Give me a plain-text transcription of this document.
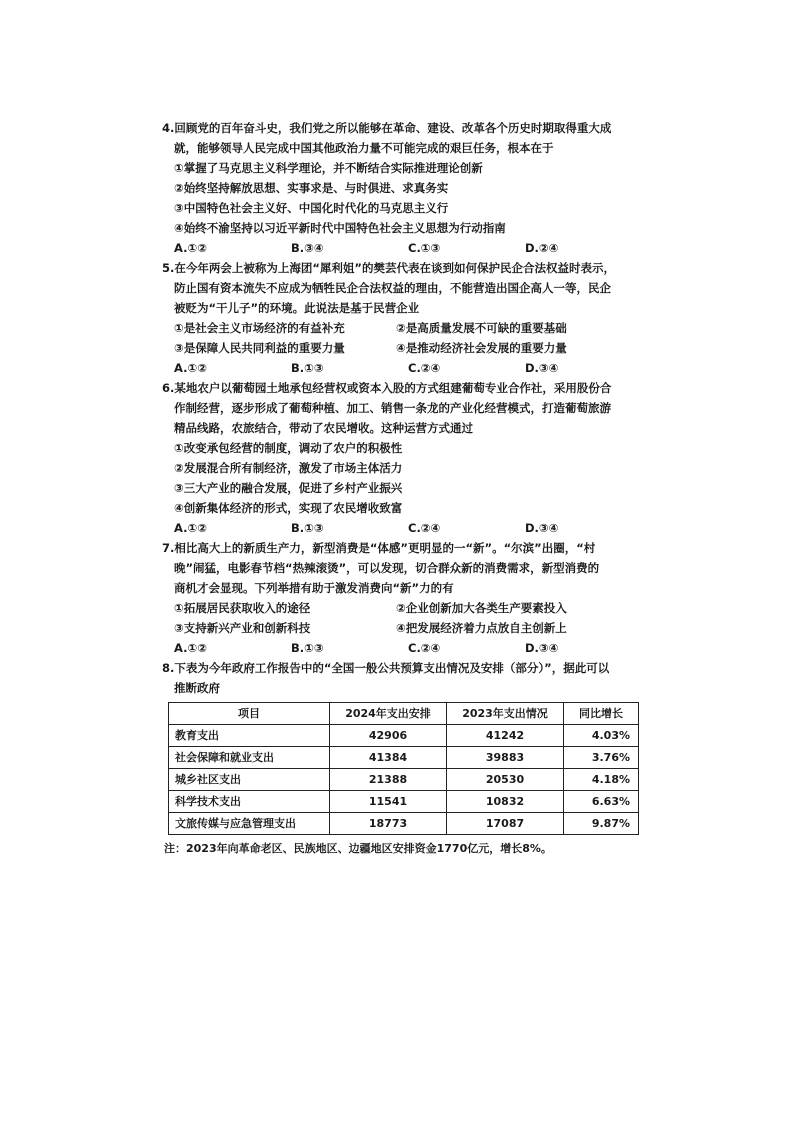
4.回顾党的百年奋斗史，我们党之所以能够在革命、建设、改革各个历史时期取得重大成
就，能够领导人民完成中国其他政治力量不可能完成的艰巨任务，根本在于
①掌握了马克思主义科学理论，并不断结合实际推进理论创新
②始终坚持解放思想、实事求是、与时俱进、求真务实
③中国特色社会主义好、中国化时代化的马克思主义行
④始终不渝坚持以习近平新时代中国特色社会主义思想为行动指南
A.①②	B.③④	C.①③	D.②④
5.在今年两会上被称为上海团“犀利姐”的樊芸代表在谈到如何保护民企合法权益时表示，
防止国有资本流失不应成为牺牲民企合法权益的理由，不能营造出国企高人一等，民企
被贬为“干儿子”的环境。此说法是基于民营企业
①是社会主义市场经济的有益补充	②是高质量发展不可缺的重要基础
③是保障人民共同利益的重要力量	④是推动经济社会发展的重要力量
A.①②	B.①③	C.②④	D.③④
6.某地农户以葡萄园土地承包经营权或资本入股的方式组建葡萄专业合作社，采用股份合
作制经营，逐步形成了葡萄种植、加工、销售一条龙的产业化经营模式，打造葡萄旅游
精品线路，农旅结合，带动了农民增收。这种运营方式通过
①改变承包经营的制度，调动了农户的积极性
②发展混合所有制经济，激发了市场主体活力
③三大产业的融合发展，促进了乡村产业振兴
④创新集体经济的形式，实现了农民增收致富
A.①②	B.①③	C.②④	D.③④
7.相比高大上的新质生产力，新型消费是“体感”更明显的一“新”。“尔滨”出圈，“村
晚”闹猛，电影春节档“热辣滚烫”，可以发现，切合群众新的消费需求，新型消费的
商机才会显现。下列举措有助于激发消费向“新”力的有
①拓展居民获取收入的途径	②企业创新加大各类生产要素投入
③支持新兴产业和创新科技	④把发展经济着力点放自主创新上
A.①②	B.①③	C.②④	D.③④
8.下表为今年政府工作报告中的“全国一般公共预算支出情况及安排（部分）”，据此可以
推断政府
项目	2024年支出安排	2023年支出情况	同比增长
教育支出	42906	41242	4.03%
社会保障和就业支出	41384	39883	3.76%
城乡社区支出	21388	20530	4.18%
科学技术支出	11541	10832	6.63%
文旅传媒与应急管理支出	18773	17087	9.87%
注：2023年向革命老区、民族地区、边疆地区安排资金1770亿元，增长8%。
